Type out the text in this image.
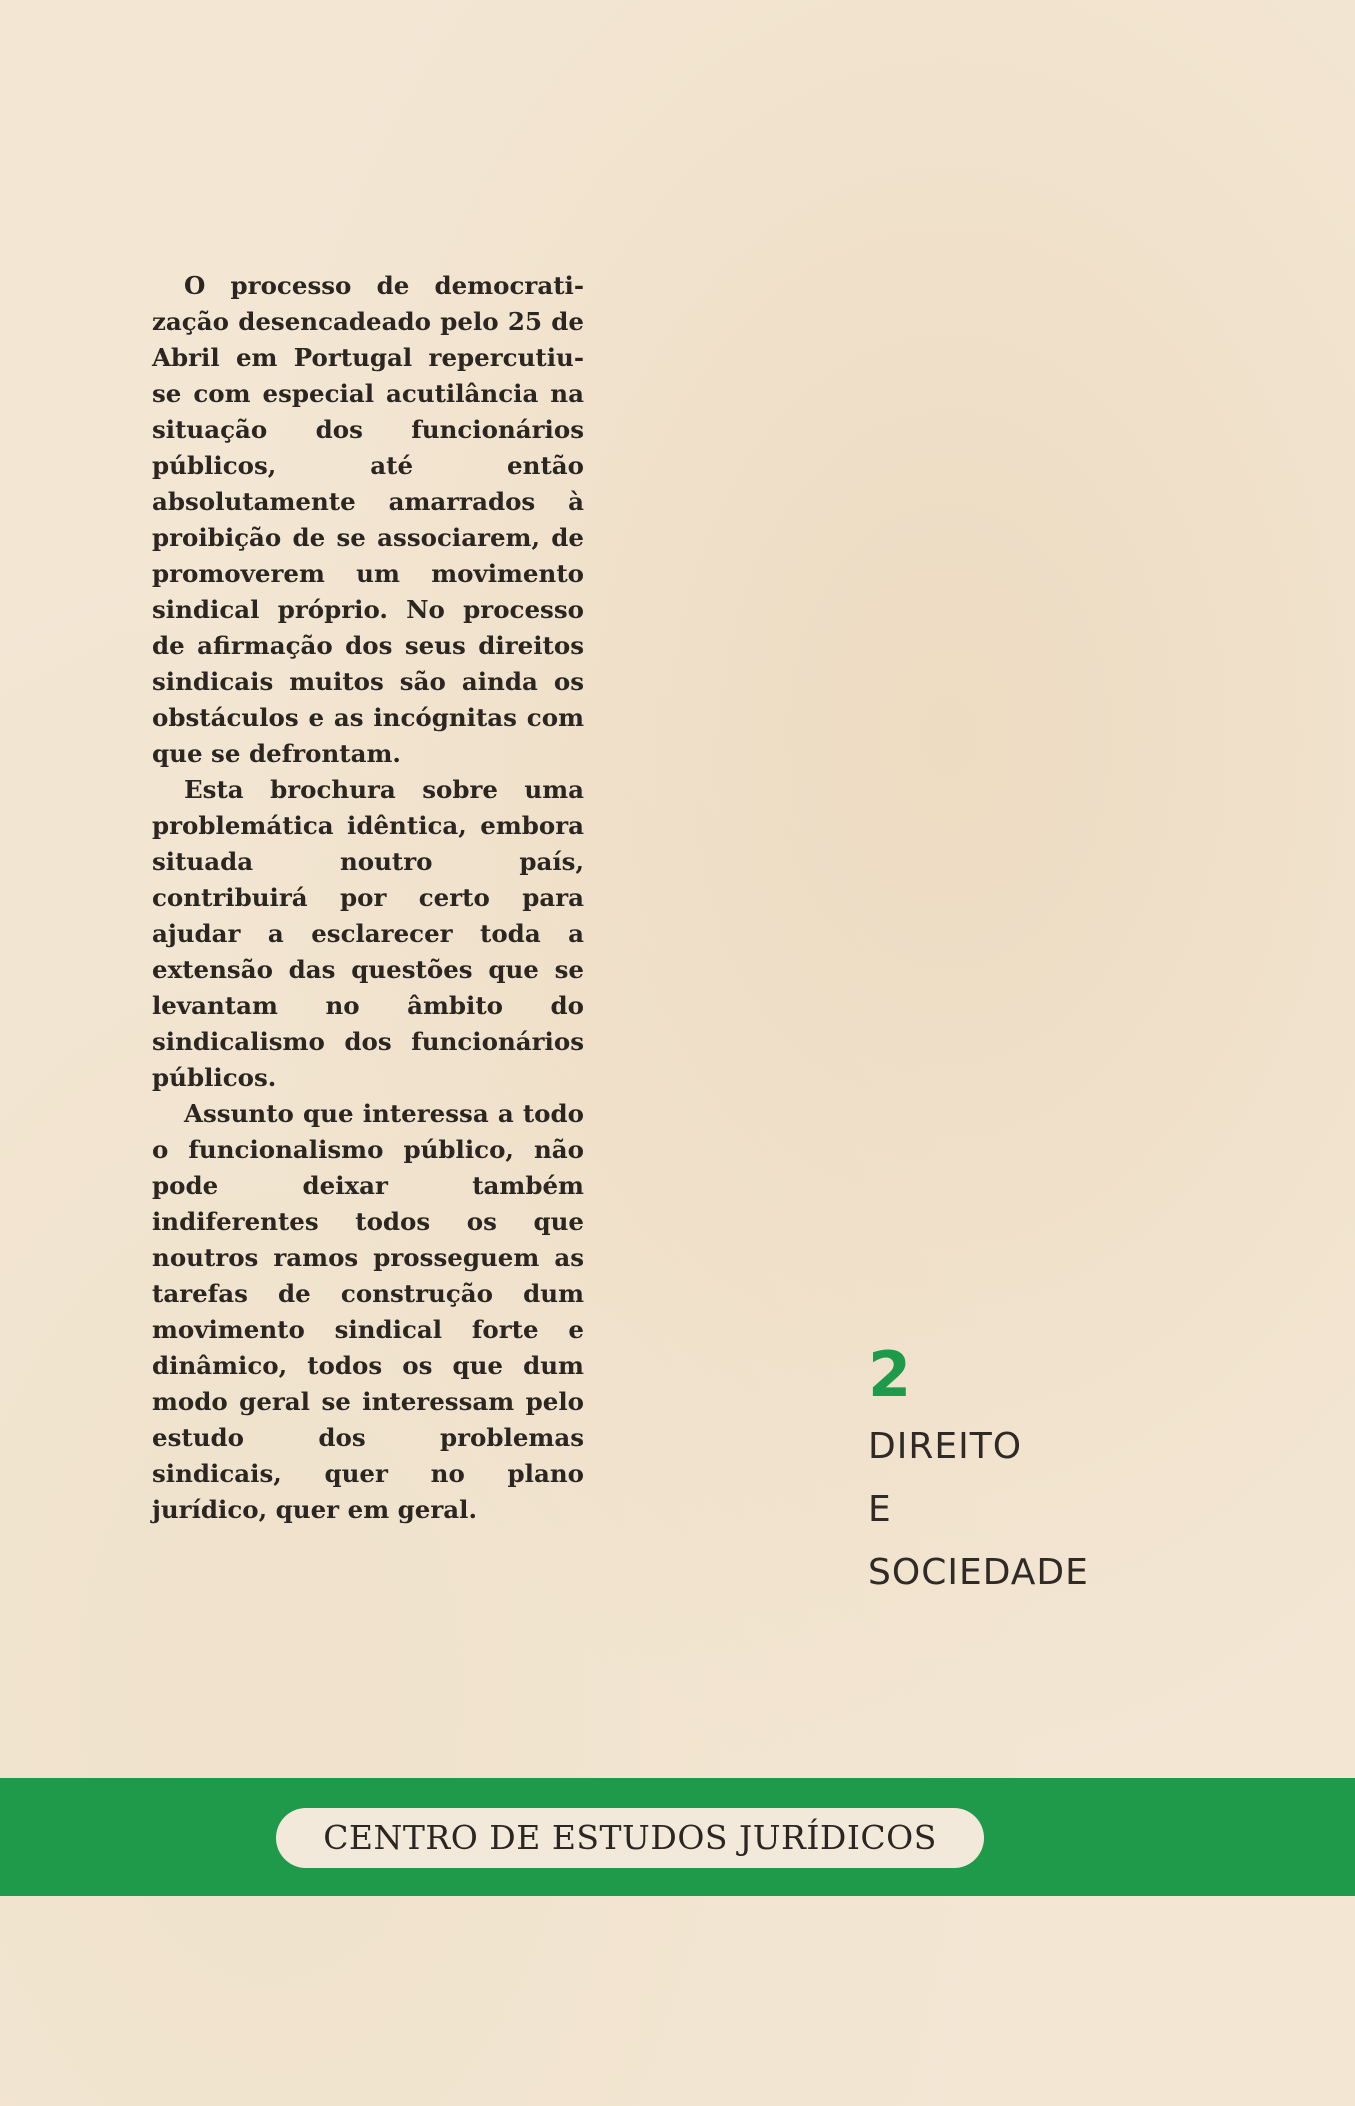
O processo de democratização desencadeado pelo 25 de Abril em Portugal repercutiu-se com especial acutilância na situação dos funcionários públicos, até então absolutamente amarrados à proibição de se associarem, de promoverem um movimento sindical próprio. No processo de afirmação dos seus direitos sindicais muitos são ainda os obstáculos e as incógnitas com que se defrontam.

Esta brochura sobre uma problemática idêntica, embora situada noutro país, contribuirá por certo para ajudar a esclarecer toda a extensão das questões que se levantam no âmbito do sindicalismo dos funcionários públicos.

Assunto que interessa a todo o funcionalismo público, não pode deixar também indiferentes todos os que noutros ramos prosseguem as tarefas de construção dum movimento sindical forte e dinâmico, todos os que dum modo geral se interessam pelo estudo dos problemas sindicais, quer no plano jurídico, quer em geral.

2
DIREITO
E
SOCIEDADE
CENTRO DE ESTUDOS JURÍDICOS
